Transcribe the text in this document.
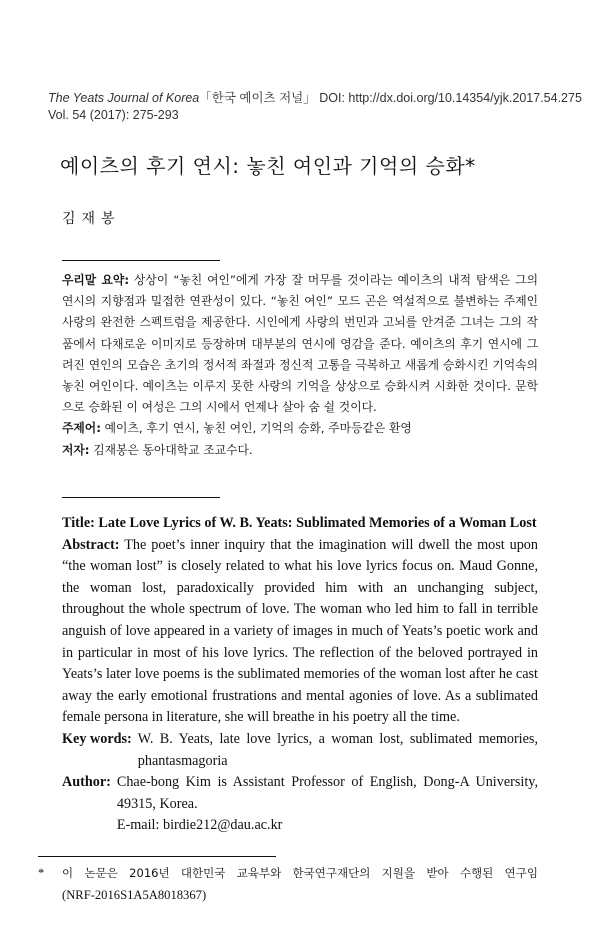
The Yeats Journal of Korea「한국 예이츠 저널」 DOI: http://dx.doi.org/10.14354/yjk.2017.54.275
Vol. 54 (2017): 275-293
예이츠의 후기 연시: 놓친 여인과 기억의 승화*
김재봉
우리말 요약: 상상이 “놓친 여인”에게 가장 잘 머무를 것이라는 예이츠의 내적 탐색은 그의 연시의 지향점과 밀접한 연관성이 있다. “놓친 여인” 모드 곤은 역설적으로 불변하는 주제인 사랑의 완전한 스펙트럼을 제공한다. 시인에게 사랑의 번민과 고뇌를 안겨준 그녀는 그의 작품에서 다채로운 이미지로 등장하며 대부분의 연시에 영감을 준다. 예이츠의 후기 연시에 그려진 연인의 모습은 초기의 정서적 좌절과 정신적 고통을 극복하고 새롭게 승화시킨 기억속의 놓친 여인이다. 예이츠는 이루지 못한 사랑의 기억을 상상으로 승화시켜 시화한 것이다. 문학으로 승화된 이 여성은 그의 시에서 언제나 살아 숨 쉴 것이다.
주제어: 예이츠, 후기 연시, 놓친 여인, 기억의 승화, 주마등같은 환영
저자: 김재봉은 동아대학교 조교수다.
Title: Late Love Lyrics of W. B. Yeats: Sublimated Memories of a Woman Lost
Abstract: The poet’s inner inquiry that the imagination will dwell the most upon “the woman lost” is closely related to what his love lyrics focus on. Maud Gonne, the woman lost, paradoxically provided him with an unchanging subject, throughout the whole spectrum of love. The woman who led him to fall in terrible anguish of love appeared in a variety of images in much of Yeats’s poetic work and in particular in most of his love lyrics. The reflection of the beloved portrayed in Yeats’s later love poems is the sublimated memories of the woman lost after he cast away the early emotional frustrations and mental agonies of love. As a sublimated female persona in literature, she will breathe in his poetry all the time.
Key words: W. B. Yeats, late love lyrics, a woman lost, sublimated memories, phantasmagoria
Author: Chae-bong Kim is Assistant Professor of English, Dong-A University, 49315, Korea.
E-mail: birdie212@dau.ac.kr
*	이 논문은 2016년 대한민국 교육부와 한국연구재단의 지원을 받아 수행된 연구임
(NRF-2016S1A5A8018367)
